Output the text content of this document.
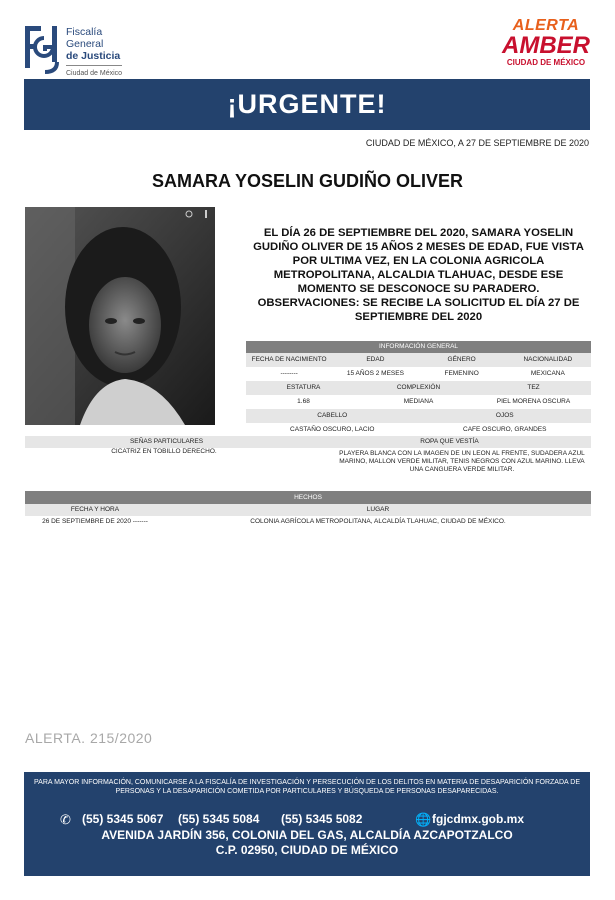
Fiscalía
General
de Justicia
Ciudad de México
ALERTA
AMBER
CIUDAD DE MÉXICO
¡URGENTE!
CIUDAD DE MÉXICO, A 27 DE SEPTIEMBRE DE 2020
SAMARA YOSELIN GUDIÑO OLIVER
EL DÍA 26 DE SEPTIEMBRE DEL 2020, SAMARA YOSELIN GUDIÑO OLIVER DE 15 AÑOS 2 MESES DE EDAD, FUE VISTA POR ULTIMA VEZ, EN LA COLONIA AGRICOLA METROPOLITANA, ALCALDIA TLAHUAC, DESDE ESE MOMENTO SE DESCONOCE SU PARADERO. OBSERVACIONES: SE RECIBE LA SOLICITUD EL DÍA 27 DE SEPTIEMBRE DEL 2020
INFORMACIÓN GENERAL
FECHA DE NACIMIENTO	EDAD	GÉNERO	NACIONALIDAD
--------	15 AÑOS 2 MESES	FEMENINO	MEXICANA
ESTATURA	COMPLEXIÓN	TEZ
1.68	MEDIANA	PIEL MORENA OSCURA
CABELLO	OJOS
CASTAÑO OSCURO, LACIO	CAFE OSCURO, GRANDES
SEÑAS PARTICULARES	ROPA QUE VESTÍA
CICATRIZ EN TOBILLO DERECHO.	PLAYERA BLANCA CON LA IMAGEN DE UN LEON AL FRENTE, SUDADERA AZUL MARINO, MALLON VERDE MILITAR, TENIS NEGROS CON AZUL MARINO. LLEVA UNA CANGUERA VERDE MILITAR.
HECHOS
FECHA Y HORA	LUGAR
26 DE SEPTIEMBRE DE 2020 -------	COLONIA AGRÍCOLA METROPOLITANA, ALCALDÍA TLAHUAC, CIUDAD DE MÉXICO.
ALERTA. 215/2020
PARA MAYOR INFORMACIÓN, COMUNICARSE A LA FISCALÍA DE INVESTIGACIÓN Y PERSECUCIÓN DE LOS DELITOS EN MATERIA DE DESAPARICIÓN FORZADA DE PERSONAS Y LA DESAPARICIÓN COMETIDA POR PARTICULARES Y BÚSQUEDA DE PERSONAS DESAPARECIDAS.
✆ (55) 5345 5067 (55) 5345 5084 (55) 5345 5082	fgjcdmx.gob.mx
🌐
AVENIDA JARDÍN 356, COLONIA DEL GAS, ALCALDÍA AZCAPOTZALCO
C.P. 02950, CIUDAD DE MÉXICO
